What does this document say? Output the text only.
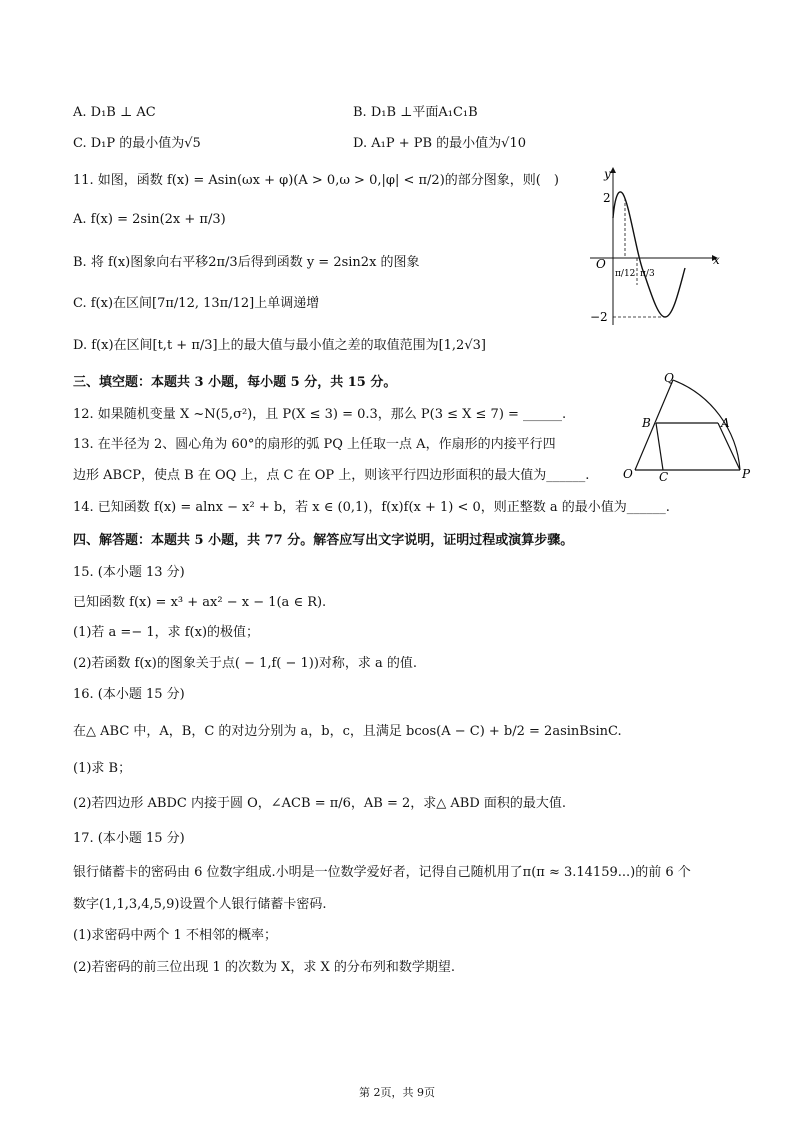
A. D₁B ⊥ AC	B. D₁B ⊥平面A₁C₁B
C. D₁P 的最小值为√5	D. A₁P + PB 的最小值为√10
11. 如图，函数 f(x) = Asin(ωx + φ)(A > 0,ω > 0,|φ| < π/2)的部分图象，则(　)
A. f(x) = 2sin(2x + π/3)
B. 将 f(x)图象向右平移2π/3后得到函数 y = 2sin2x 的图象
C. f(x)在区间[7π/12, 13π/12]上单调递增
D. f(x)在区间[t,t + π/3]上的最大值与最小值之差的取值范围为[1,2√3]
y
x
O
2
−2
π/12 π/3
三、填空题：本题共 3 小题，每小题 5 分，共 15 分。
12. 如果随机变量 X ~N(5,σ²)，且 P(X ≤ 3) = 0.3，那么 P(3 ≤ X ≤ 7) = ______.
13. 在半径为 2、圆心角为 60°的扇形的弧 PQ 上任取一点 A，作扇形的内接平行四
边形 ABCP，使点 B 在 OQ 上，点 C 在 OP 上，则该平行四边形面积的最大值为______.
Q
B	A
O C	P
14. 已知函数 f(x) = alnx − x² + b，若 x ∈ (0,1)，f(x)f(x + 1) < 0，则正整数 a 的最小值为______.
四、解答题：本题共 5 小题，共 77 分。解答应写出文字说明，证明过程或演算步骤。
15. (本小题 13 分)
已知函数 f(x) = x³ + ax² − x − 1(a ∈ R).
(1)若 a =− 1，求 f(x)的极值；
(2)若函数 f(x)的图象关于点( − 1,f( − 1))对称，求 a 的值.
16. (本小题 15 分)
在△ ABC 中，A，B，C 的对边分别为 a，b，c，且满足 bcos(A − C) + b/2 = 2asinBsinC.
(1)求 B；
(2)若四边形 ABDC 内接于圆 O，∠ACB = π/6，AB = 2，求△ ABD 面积的最大值.
17. (本小题 15 分)
银行储蓄卡的密码由 6 位数字组成.小明是一位数学爱好者，记得自己随机用了π(π ≈ 3.14159...)的前 6 个
数字(1,1,3,4,5,9)设置个人银行储蓄卡密码.
(1)求密码中两个 1 不相邻的概率；
(2)若密码的前三位出现 1 的次数为 X，求 X 的分布列和数学期望.
第 2页，共 9页
